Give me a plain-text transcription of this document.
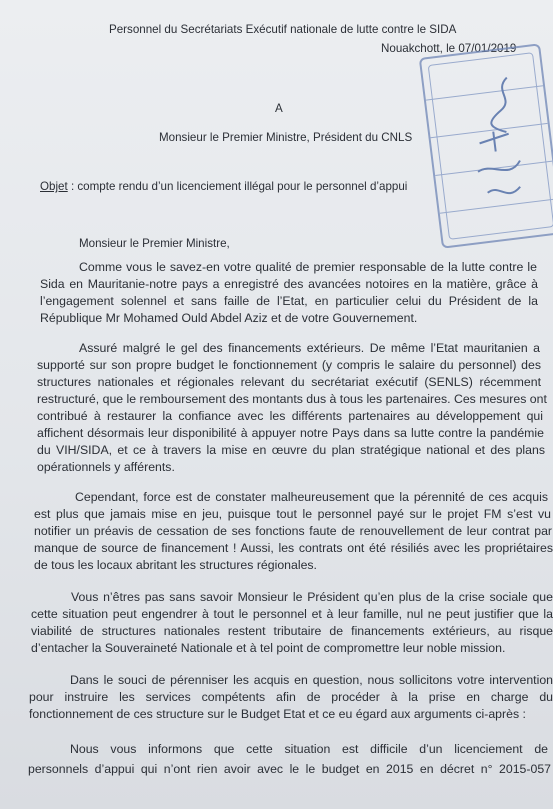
Personnel du Secrétariats Exécutif nationale de lutte contre le SIDA
Nouakchott, le 07/01/2019
A
Monsieur le Premier Ministre, Président du CNLS
Objet : compte rendu d’un licenciement illégal pour le personnel d’appui
Monsieur le Premier Ministre,
Comme vous le savez-en votre qualité de premier responsable de la lutte contre le
Sida en Mauritanie-notre pays a enregistré des avancées notoires en la matière, grâce à
l’engagement solennel et sans faille de l’Etat, en particulier celui du Président de la
République Mr Mohamed Ould Abdel Aziz et de votre Gouvernement.
Assuré malgré le gel des financements extérieurs. De même l’Etat mauritanien a
supporté sur son propre budget le fonctionnement (y compris le salaire du personnel) des
structures nationales et régionales relevant du secrétariat exécutif (SENLS) récemment
restructuré, que le remboursement des montants dus à tous les partenaires. Ces mesures ont
contribué à restaurer la confiance avec les différents partenaires au développement qui
affichent désormais leur disponibilité à appuyer notre Pays dans sa lutte contre la pandémie
du VIH/SIDA, et ce à travers la mise en œuvre du plan stratégique national et des plans
opérationnels y afférents.
Cependant, force est de constater malheureusement que la pérennité de ces acquis
est plus que jamais mise en jeu, puisque tout le personnel payé sur le projet FM s’est vu
notifier un préavis de cessation de ses fonctions faute de renouvellement de leur contrat par
manque de source de financement ! Aussi, les contrats ont été résiliés avec les propriétaires
de tous les locaux abritant les structures régionales.
Vous n’êtres pas sans savoir Monsieur le Président qu’en plus de la crise sociale que
cette situation peut engendrer à tout le personnel et à leur famille, nul ne peut justifier que la
viabilité de structures nationales restent tributaire de financements extérieurs, au risque
d’entacher la Souveraineté Nationale et à tel point de compromettre leur noble mission.
Dans le souci de pérenniser les acquis en question, nous sollicitons votre intervention
pour instruire les services compétents afin de procéder à la prise en charge du
fonctionnement de ces structure sur le Budget Etat et ce eu égard aux arguments ci-après :
Nous vous informons que cette situation est difficile d’un licenciement de
personnels d’appui qui n’ont rien avoir avec le le budget en 2015 en décret n° 2015-057
